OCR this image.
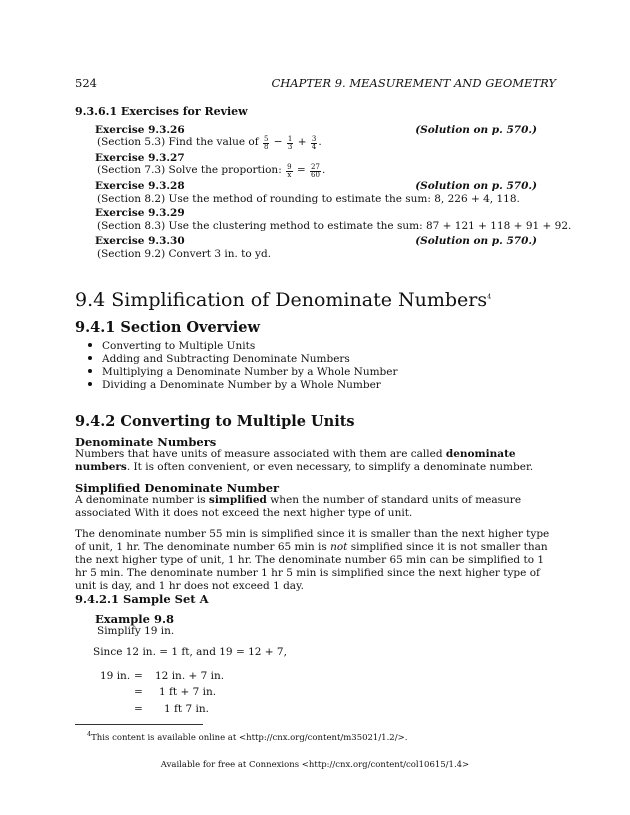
524	CHAPTER 9. MEASUREMENT AND GEOMETRY
9.3.6.1 Exercises for Review
Exercise 9.3.26	(Solution on p. 570.)
(Section 5.3) Find the value of $\frac{5}{8} - \frac{1}{3} + \frac{3}{4}$ .
Exercise 9.3.27
(Section 7.3) Solve the proportion: $\frac{9}{x} = \frac{27}{60}$ .
Exercise 9.3.28	(Solution on p. 570.)
(Section 8.2) Use the method of rounding to estimate the sum: 8, 226 + 4, 118.
Exercise 9.3.29
(Section 8.3) Use the clustering method to estimate the sum: 87 + 121 + 118 + 91 + 92.
Exercise 9.3.30	(Solution on p. 570.)
(Section 9.2) Convert 3 in. to yd.
9.4 Simplification of Denominate Numbers$^4$
9.4.1 Section Overview
Converting to Multiple Units
Adding and Subtracting Denominate Numbers
Multiplying a Denominate Number by a Whole Number
Dividing a Denominate Number by a Whole Number
9.4.2 Converting to Multiple Units
Denominate Numbers
Numbers that have units of measure associated with them are called denominate numbers. It is often convenient, or even necessary, to simplify a denominate number.
Simplified Denominate Number
A denominate number is simplified when the number of standard units of measure associated With it does not exceed the next higher type of unit.
The denominate number 55 min is simplified since it is smaller than the next higher type of unit, 1 hr. The denominate number 65 min is not simplified since it is not smaller than the next higher type of unit, 1 hr. The denominate number 65 min can be simplified to 1 hr 5 min. The denominate number 1 hr 5 min is simplified since the next higher type of unit is day, and 1 hr does not exceed 1 day.
9.4.2.1 Sample Set A
Example 9.8
Simplify 19 in.
Since 12 in. = 1 ft, and 19 = 12 + 7,
19 in. = 12 in. + 7 in.
= 1 ft + 7 in.
= 1 ft 7 in.
$^4$This content is available online at <http://cnx.org/content/m35021/1.2/>.
Available for free at Connexions <http://cnx.org/content/col10615/1.4>
